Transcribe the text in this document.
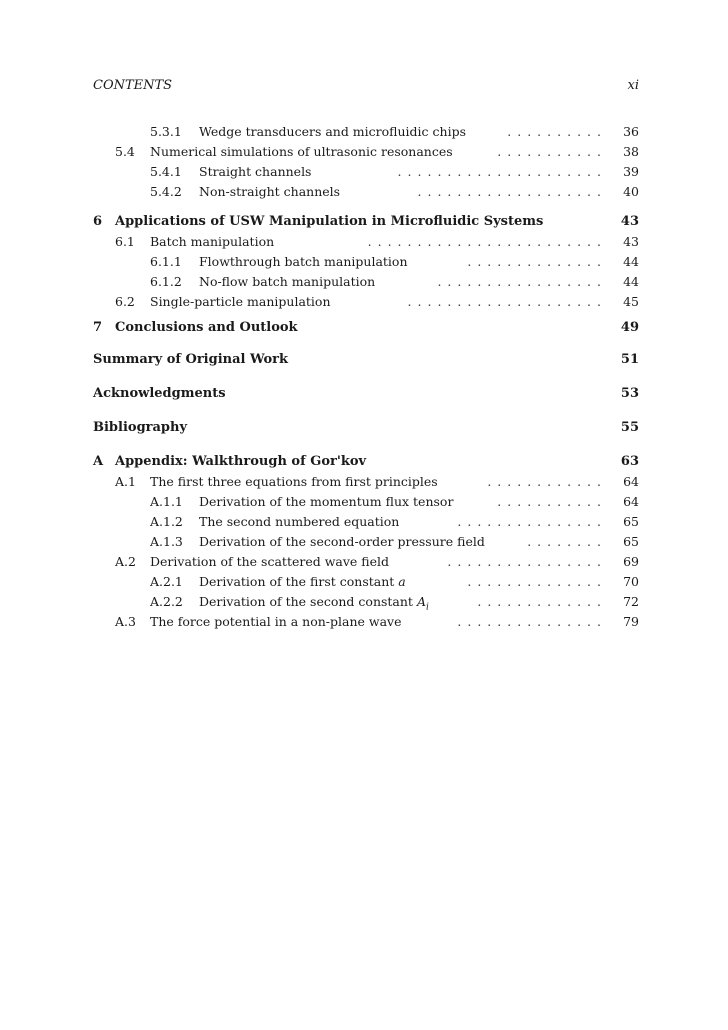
CONTENTS	xi
5.3.1 Wedge transducers and microfluidic chips	..........	36
5.4 Numerical simulations of ultrasonic resonances	...........	38
5.4.1 Straight channels	.....................	39
5.4.2 Non-straight channels	...................	40
6 Applications of USW Manipulation in Microfluidic Systems	43
6.1 Batch manipulation	........................	43
6.1.1 Flowthrough batch manipulation	..............	44
6.1.2 No-flow batch manipulation	.................	44
6.2 Single-particle manipulation	....................	45
7 Conclusions and Outlook	49
Summary of Original Work	51
Acknowledgments	53
Bibliography	55
A Appendix: Walkthrough of Gor'kov	63
A.1 The first three equations from first principles	............	64
A.1.1 Derivation of the momentum flux tensor	...........	64
A.1.2 The second numbered equation	...............	65
A.1.3 Derivation of the second-order pressure field	........	65
A.2 Derivation of the scattered wave field	................	69
A.2.1 Derivation of the first constant a	..............	70
A.2.2 Derivation of the second constant $A_i$	.............	72
A.3 The force potential in a non-plane wave	...............	79
